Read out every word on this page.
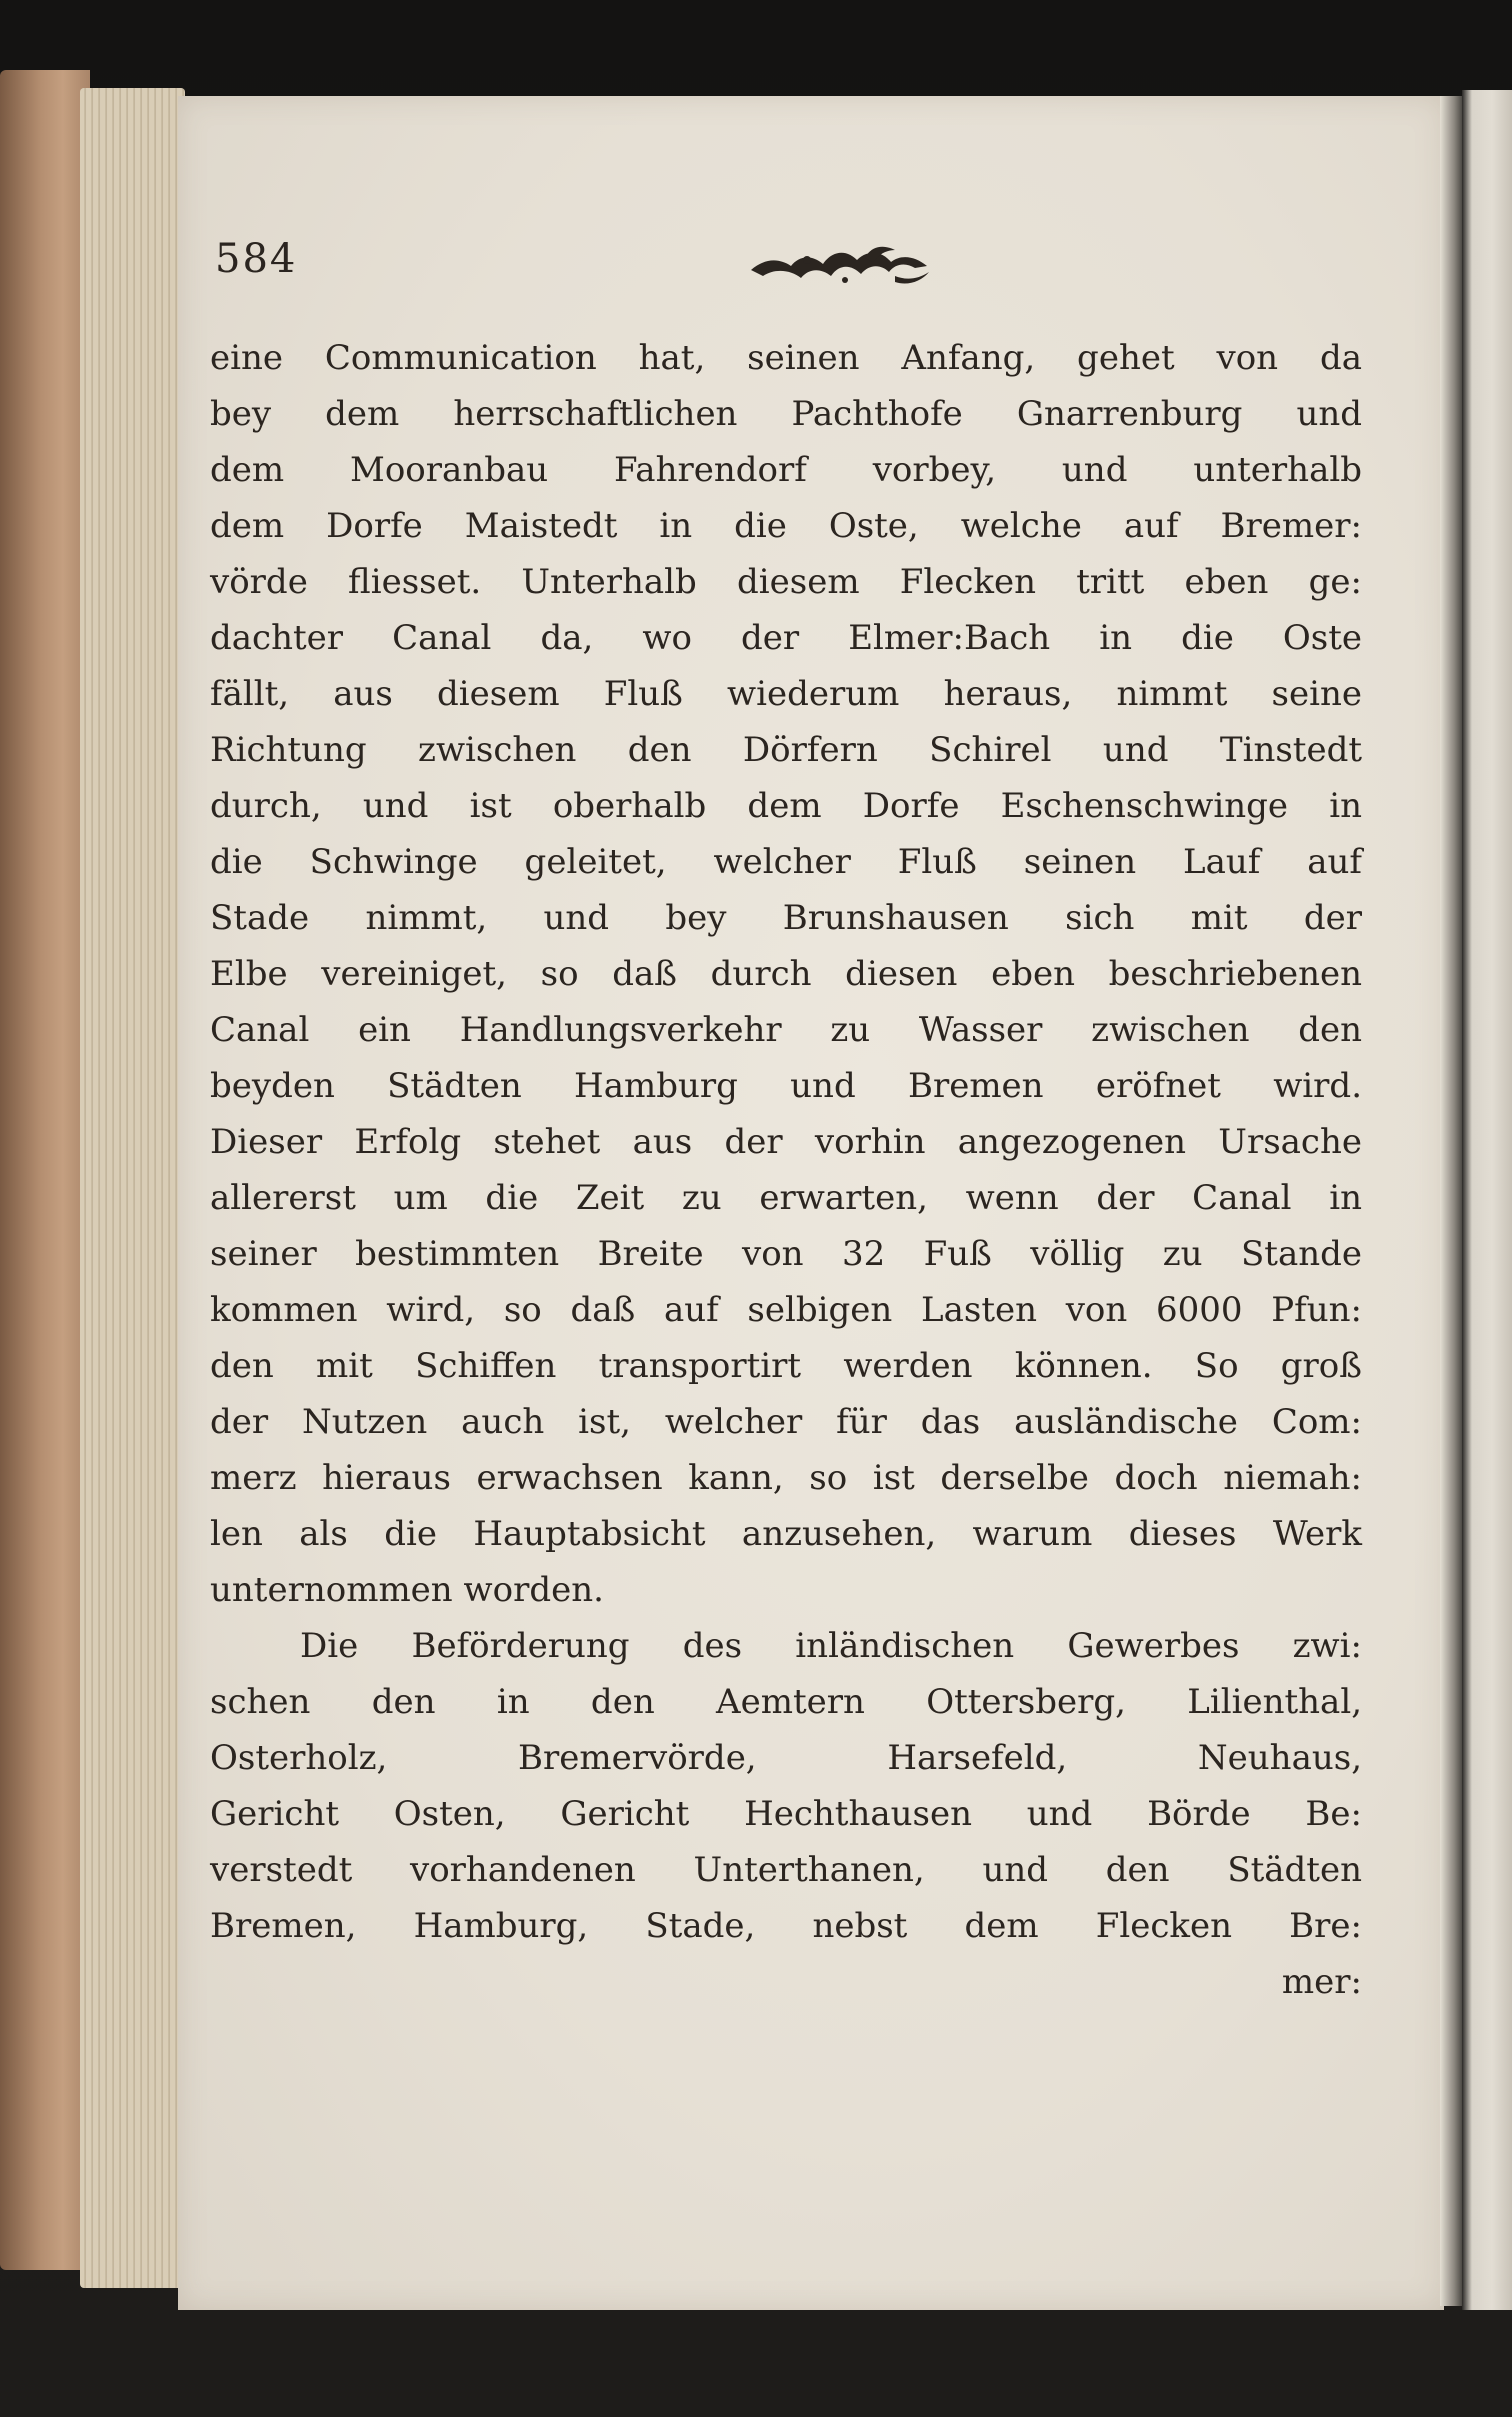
584
eine Communication hat, seinen Anfang, gehet von da
bey dem herrschaftlichen Pachthofe Gnarrenburg und
dem Mooranbau Fahrendorf vorbey, und unterhalb
dem Dorfe Maistedt in die Oste, welche auf Bremer:
vörde fliesset. Unterhalb diesem Flecken tritt eben ge:
dachter Canal da, wo der Elmer:Bach in die Oste
fällt, aus diesem Fluß wiederum heraus, nimmt seine
Richtung zwischen den Dörfern Schirel und Tinstedt
durch, und ist oberhalb dem Dorfe Eschenschwinge in
die Schwinge geleitet, welcher Fluß seinen Lauf auf
Stade nimmt, und bey Brunshausen sich mit der
Elbe vereiniget, so daß durch diesen eben beschriebenen
Canal ein Handlungsverkehr zu Wasser zwischen den
beyden Städten Hamburg und Bremen eröfnet wird.
Dieser Erfolg stehet aus der vorhin angezogenen Ursache
allererst um die Zeit zu erwarten, wenn der Canal in
seiner bestimmten Breite von 32 Fuß völlig zu Stande
kommen wird, so daß auf selbigen Lasten von 6000 Pfun:
den mit Schiffen transportirt werden können. So groß
der Nutzen auch ist, welcher für das ausländische Com:
merz hieraus erwachsen kann, so ist derselbe doch niemah:
len als die Hauptabsicht anzusehen, warum dieses Werk
unternommen worden.
Die Beförderung des inländischen Gewerbes zwi:
schen den in den Aemtern Ottersberg, Lilienthal,
Osterholz, Bremervörde, Harsefeld, Neuhaus,
Gericht Osten, Gericht Hechthausen und Börde Be:
verstedt vorhandenen Unterthanen, und den Städten
Bremen, Hamburg, Stade, nebst dem Flecken Bre:
mer:
